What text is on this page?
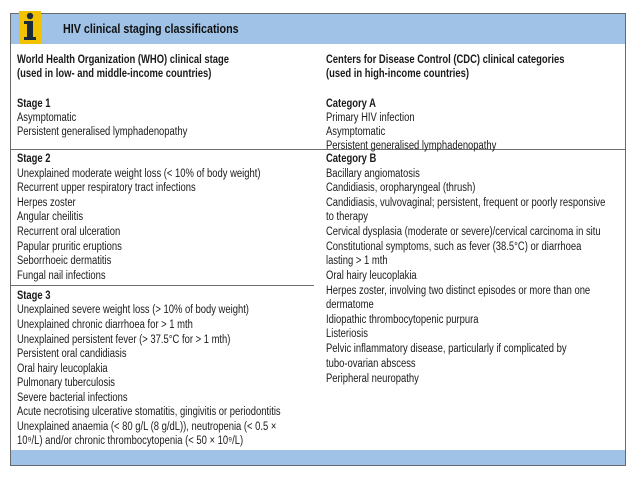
HIV clinical staging classifications
World Health Organization (WHO) clinical stage
(used in low- and middle-income countries)
Centers for Disease Control (CDC) clinical categories
(used in high-income countries)
Stage 1
Asymptomatic
Persistent generalised lymphadenopathy
Stage 2
Unexplained moderate weight loss (< 10% of body weight)
Recurrent upper respiratory tract infections
Herpes zoster
Angular cheilitis
Recurrent oral ulceration
Papular pruritic eruptions
Seborrhoeic dermatitis
Fungal nail infections
Stage 3
Unexplained severe weight loss (> 10% of body weight)
Unexplained chronic diarrhoea for > 1 mth
Unexplained persistent fever (> 37.5°C for > 1 mth)
Persistent oral candidiasis
Oral hairy leucoplakia
Pulmonary tuberculosis
Severe bacterial infections
Acute necrotising ulcerative stomatitis, gingivitis or periodontitis
Unexplained anaemia (< 80 g/L (8 g/dL)), neutropenia (< 0.5 ×
10⁹/L) and/or chronic thrombocytopenia (< 50 × 10⁹/L)
Category A
Primary HIV infection
Asymptomatic
Persistent generalised lymphadenopathy
Category B
Bacillary angiomatosis
Candidiasis, oropharyngeal (thrush)
Candidiasis, vulvovaginal; persistent, frequent or poorly responsive
to therapy
Cervical dysplasia (moderate or severe)/cervical carcinoma in situ
Constitutional symptoms, such as fever (38.5°C) or diarrhoea
lasting > 1 mth
Oral hairy leucoplakia
Herpes zoster, involving two distinct episodes or more than one
dermatome
Idiopathic thrombocytopenic purpura
Listeriosis
Pelvic inflammatory disease, particularly if complicated by
tubo-ovarian abscess
Peripheral neuropathy
